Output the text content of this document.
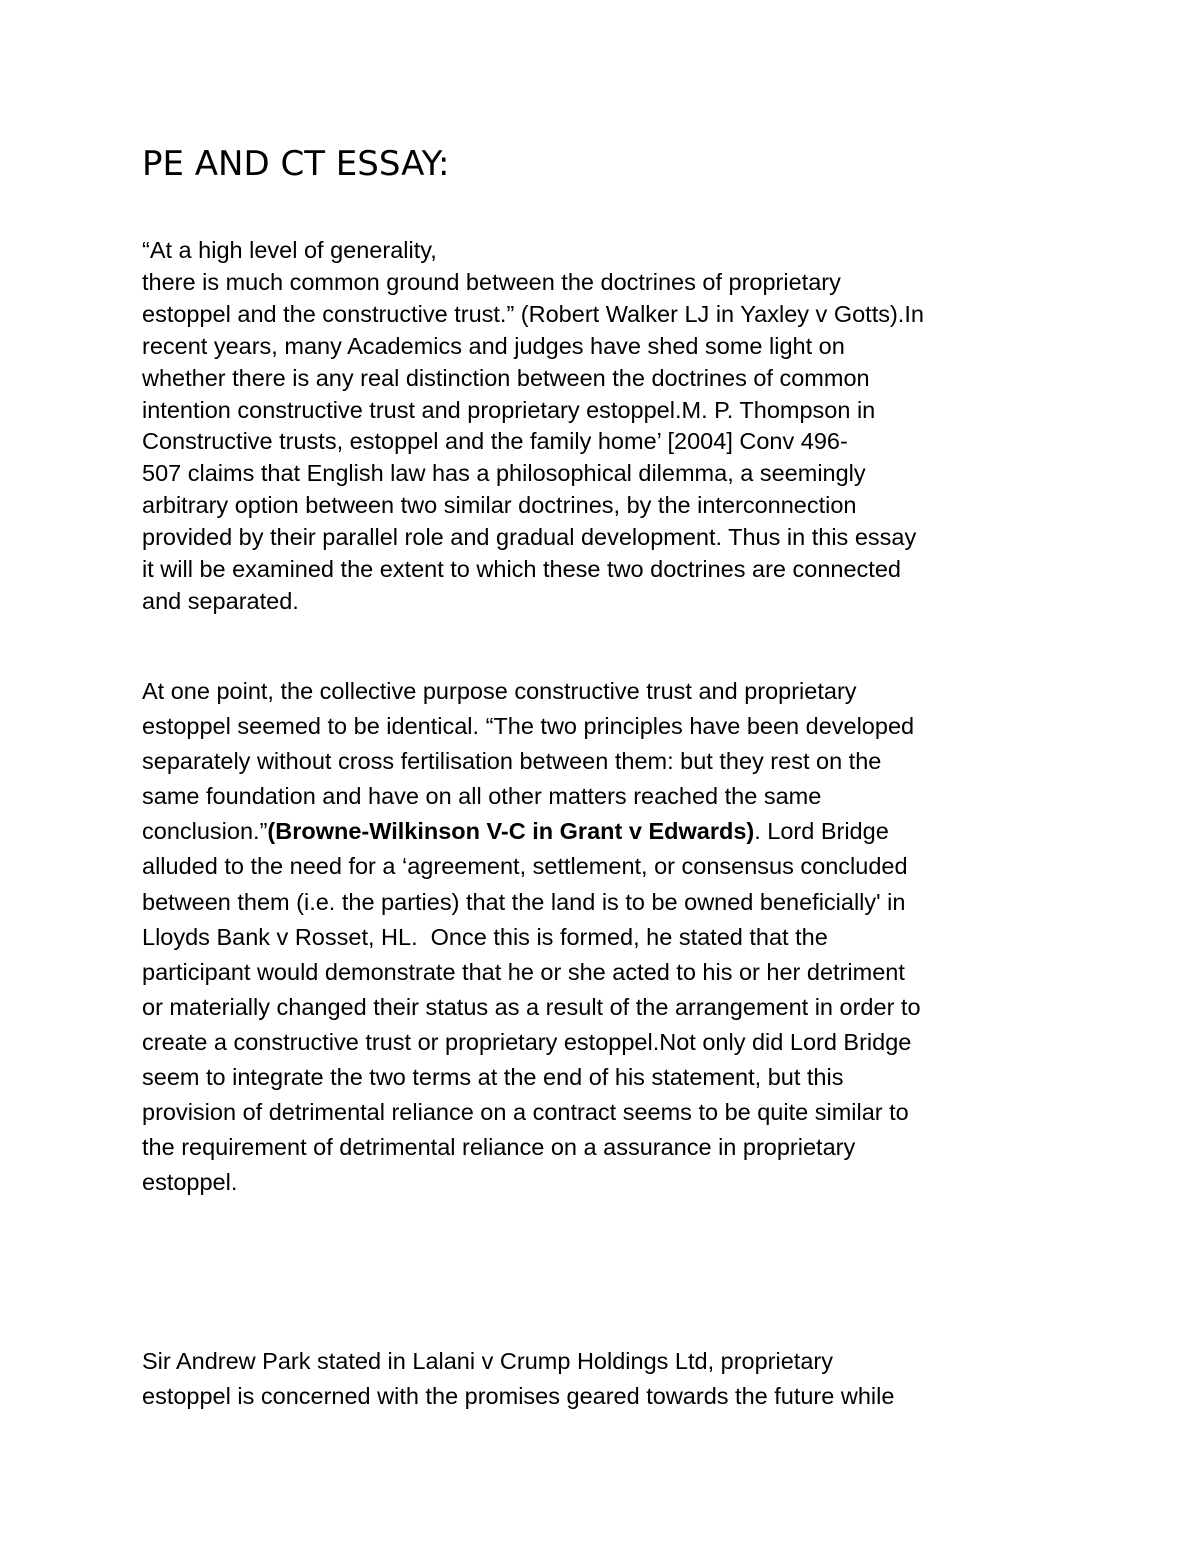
PE AND CT ESSAY:
“At a high level of generality,
there is much common ground between the doctrines of proprietary
estoppel and the constructive trust.” (Robert Walker LJ in Yaxley v Gotts).In
recent years, many Academics and judges have shed some light on
whether there is any real distinction between the doctrines of common
intention constructive trust and proprietary estoppel.M. P. Thompson in
Constructive trusts, estoppel and the family home’ [2004] Conv 496-
507 claims that English law has a philosophical dilemma, a seemingly
arbitrary option between two similar doctrines, by the interconnection
provided by their parallel role and gradual development. Thus in this essay
it will be examined the extent to which these two doctrines are connected
and separated.
At one point, the collective purpose constructive trust and proprietary
estoppel seemed to be identical. “The two principles have been developed
separately without cross fertilisation between them: but they rest on the
same foundation and have on all other matters reached the same
conclusion.”(Browne-Wilkinson V-C in Grant v Edwards). Lord Bridge
alluded to the need for a ‘agreement, settlement, or consensus concluded
between them (i.e. the parties) that the land is to be owned beneficially' in
Lloyds Bank v Rosset, HL.  Once this is formed, he stated that the
participant would demonstrate that he or she acted to his or her detriment
or materially changed their status as a result of the arrangement in order to
create a constructive trust or proprietary estoppel.Not only did Lord Bridge
seem to integrate the two terms at the end of his statement, but this
provision of detrimental reliance on a contract seems to be quite similar to
the requirement of detrimental reliance on a assurance in proprietary
estoppel.
Sir Andrew Park stated in Lalani v Crump Holdings Ltd, proprietary
estoppel is concerned with the promises geared towards the future while
